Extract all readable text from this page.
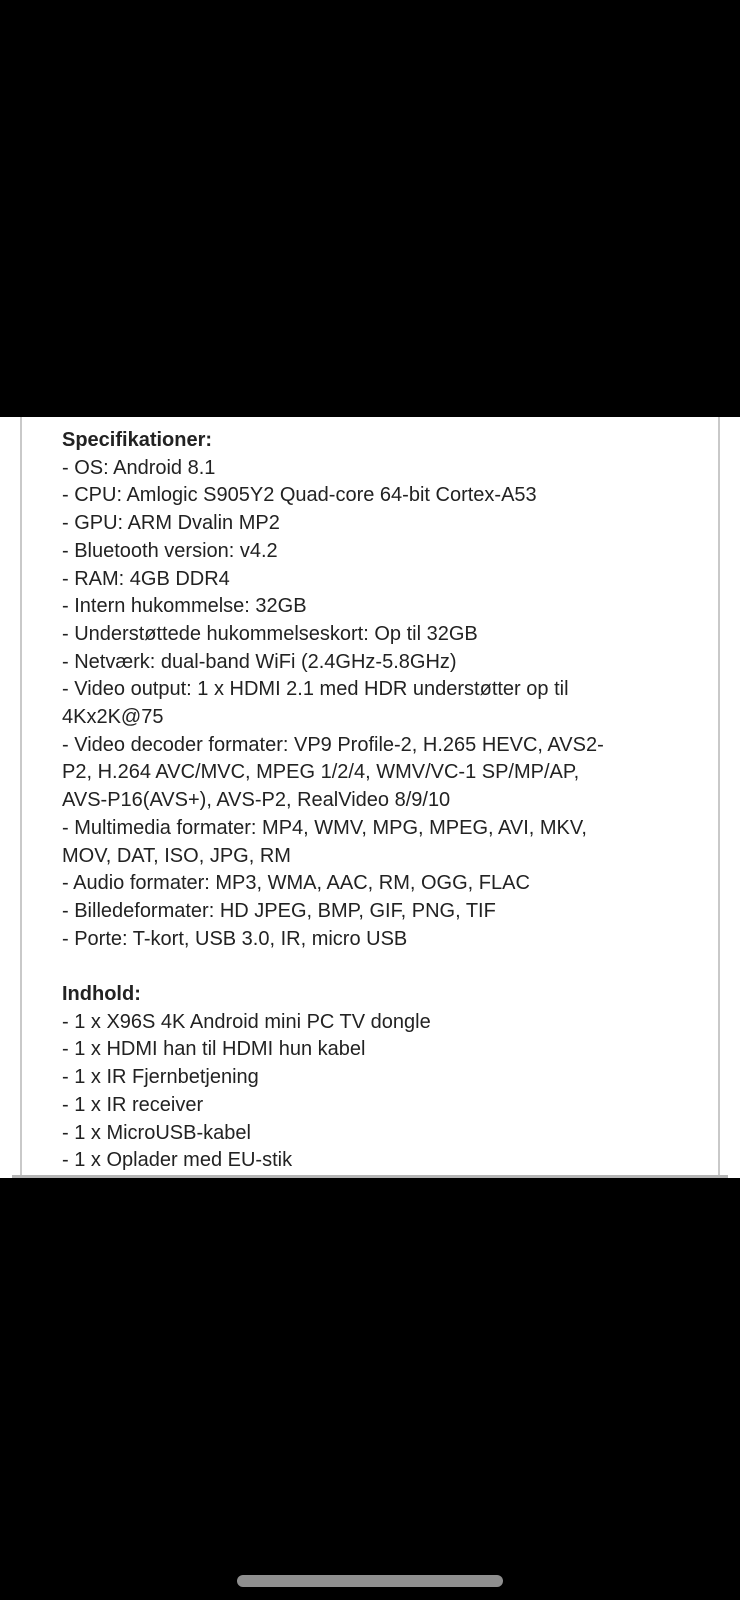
Specifikationer:
- OS: Android 8.1
- CPU: Amlogic S905Y2 Quad-core 64-bit Cortex-A53
- GPU: ARM Dvalin MP2
- Bluetooth version: v4.2
- RAM: 4GB DDR4
- Intern hukommelse: 32GB
- Understøttede hukommelseskort: Op til 32GB
- Netværk: dual-band WiFi (2.4GHz-5.8GHz)
- Video output: 1 x HDMI 2.1 med HDR understøtter op til
4Kx2K@75
- Video decoder formater: VP9 Profile-2, H.265 HEVC, AVS2-
P2, H.264 AVC/MVC, MPEG 1/2/4, WMV/VC-1 SP/MP/AP,
AVS-P16(AVS+), AVS-P2, RealVideo 8/9/10
- Multimedia formater: MP4, WMV, MPG, MPEG, AVI, MKV,
MOV, DAT, ISO, JPG, RM
- Audio formater: MP3, WMA, AAC, RM, OGG, FLAC
- Billedeformater: HD JPEG, BMP, GIF, PNG, TIF
- Porte: T-kort, USB 3.0, IR, micro USB
Indhold:
- 1 x X96S 4K Android mini PC TV dongle
- 1 x HDMI han til HDMI hun kabel
- 1 x IR Fjernbetjening
- 1 x IR receiver
- 1 x MicroUSB-kabel
- 1 x Oplader med EU-stik
